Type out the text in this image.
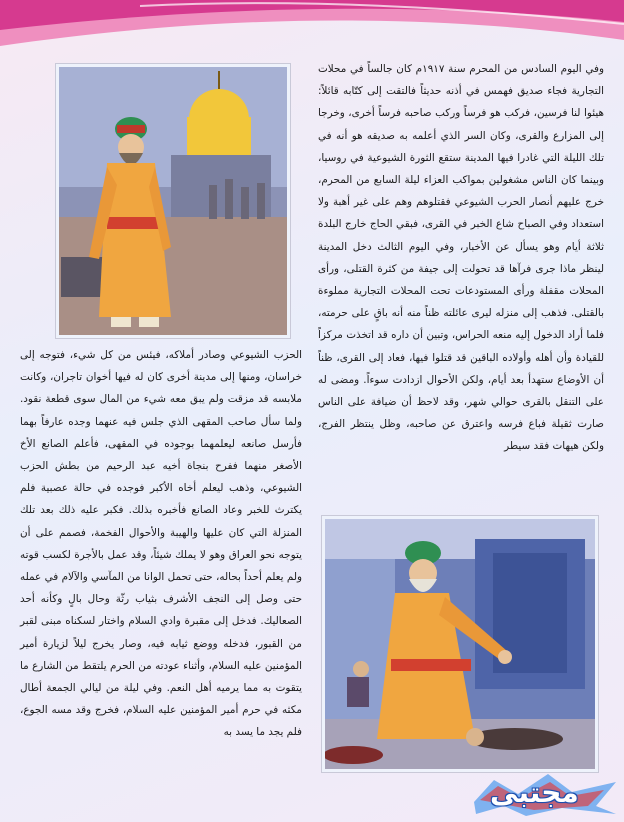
وفي اليوم السادس من المحرم سنة ١٩١٧م كان جالساً في محلات التجارية فجاء صديق فهمس في أذنه حديثاً فالتقت إلى كتّابه قائلاً: هيئوا لنا فرسين، فركب هو فرساً وركب صاحبه فرساً أخرى، وخرجا إلى المزارع والقرى، وكان السر الذي أعلمه به صديقه هو أنه في تلك الليلة التي غادرا فيها المدينة ستقع الثورة الشيوعية في روسيا، وبينما كان الناس مشغولين بمواكب العزاء ليلة السابع من المحرم، خرج عليهم أنصار الحرب الشيوعي فقتلوهم وهم على غير أهبة ولا استعداد وفي الصباح شاع الخبر في القرى، فبقي الحاج خارج البلدة ثلاثة أيام وهو يسأل عن الأخبار، وفي اليوم الثالث دخل المدينة لينظر ماذا جرى فرآها قد تحولت إلى جيفة من كثرة القتلى، ورأى المحلات مقفلة ورأى المستودعات تحت المحلات التجارية مملوءة بالقتلى. فذهب إلى منزله ليرى عائلته ظناً منه أنه باقٍ على حرمته، فلما أراد الدخول إليه منعه الحراس، وتبين أن داره قد اتخذت مركزاً للقيادة وأن أهله وأولاده الباقين قد قتلوا فيها، فعاد إلى القرى، ظناً أن الأوضاع ستهدأ بعد أيام، ولكن الأحوال ازدادت سوءاً. ومضى له على التنقل بالقرى حوالي شهر، وقد لاحظ أن ضيافة على الناس صارت ثقيلة فباع فرسه واعترق عن صاحبه، وظل ينتظر الفرج، ولكن هيهات فقد سيطر

الحزب الشيوعي وصادر أملاكه، فيئس من كل شيء، فتوجه إلى خراسان، ومنها إلى مدينة أخرى كان له فيها أخوان تاجران، وكانت ملابسه قد مزقت ولم يبق معه شيء من المال سوى قطعة نقود. ولما سأل صاحب المقهى الذي جلس فيه عنهما وجده عارفاً بهما فأرسل صانعه ليعلمهما بوجوده في المقهى، فأعلم الصانع الأخ الأصغر منهما ففرح بنجاة أخيه عبد الرحيم من بطش الحزب الشيوعي، وذهب ليعلم أخاه الأكبر فوجده في حالة عصبية فلم يكترث للخبر وعاد الصانع فأخبره بذلك. فكبر عليه ذلك بعد تلك المنزلة التي كان عليها والهيبة والأحوال الفخمة، فصمم على أن يتوجه نحو العراق وهو لا يملك شيئاً، وقد عمل بالأجرة لكسب قوته ولم يعلم أحداً بحاله، حتى تحمل الوانا من المآسي والآلام في عمله حتى وصل إلى النجف الأشرف بثياب رثّة وحال بالٍ وكأنه أحد الصعاليك. فدخل إلى مقبرة وادي السلام واختار لسكناه مبنى لقبر من القبور، فدخله ووضع ثيابه فيه، وصار يخرج ليلاً لزيارة أمير المؤمنين عليه السلام، وأثناء عودته من الحرم يلتقط من الشارع ما يتقوت به مما يرميه أهل النعم. وفي ليلة من ليالي الجمعة أطال مكثه في حرم أمير المؤمنين عليه السلام، فخرج وقد مسه الجوع، فلم يجد ما يسد به

مجتبى
